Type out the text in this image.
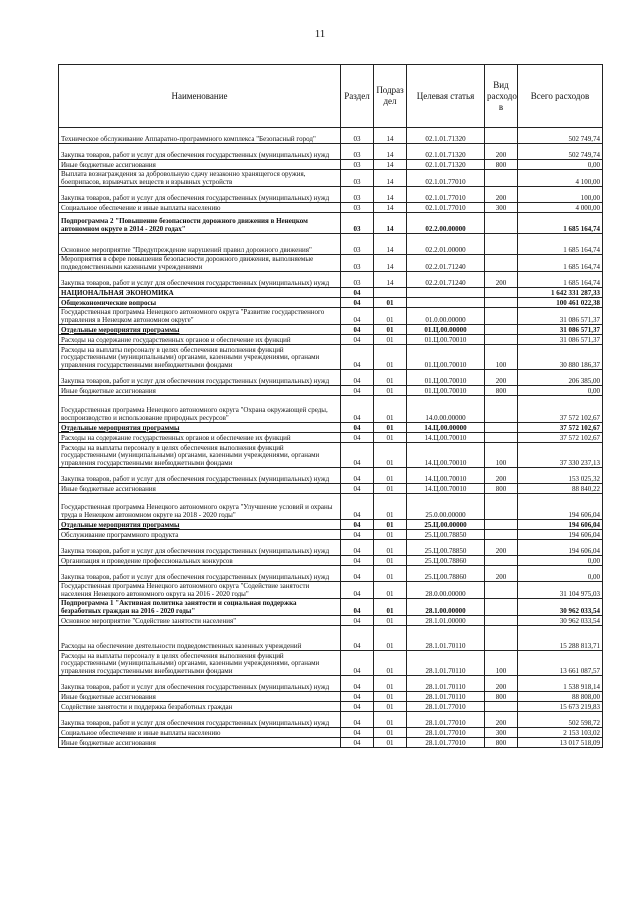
11
Наименование	Раздел	Подраз дел	Целевая статья	Вид расходо в	Всего расходов
Техническое обслуживание Аппаратно-программного комплекса "Безопасный город"	03	14	02.1.01.71320		502 749,74
Закупка товаров, работ и услуг для обеспечения государственных (муниципальных) нужд	03	14	02.1.01.71320	200	502 749,74
Иные бюджетные ассигнования	03	14	02.1.01.71320	800	0,00
Выплата вознаграждения за добровольную сдачу незаконно хранящегося оружия, боеприпасов, взрывчатых веществ и взрывных устройств	03	14	02.1.01.77010		4 100,00
Закупка товаров, работ и услуг для обеспечения государственных (муниципальных) нужд	03	14	02.1.01.77010	200	100,00
Социальное обеспечение и иные выплаты населению	03	14	02.1.01.77010	300	4 000,00
Подпрограмма 2 "Повышение безопасности дорожного движения в Ненецком автономном округе в 2014 - 2020 годах"	03	14	02.2.00.00000		1 685 164,74
Основное мероприятие "Предупреждение нарушений правил дорожного движения"	03	14	02.2.01.00000		1 685 164,74
Мероприятия в сфере повышения безопасности дорожного движения, выполняемые подведомственными казенными учреждениями	03	14	02.2.01.71240		1 685 164,74
Закупка товаров, работ и услуг для обеспечения государственных (муниципальных) нужд	03	14	02.2.01.71240	200	1 685 164,74
НАЦИОНАЛЬНАЯ ЭКОНОМИКА	04				1 642 331 287,33
Общеэкономические вопросы	04	01			100 461 022,38
Государственная программа Ненецкого автономного округа "Развитие государственного управления в Ненецком автономном округе"	04	01	01.0.00.00000		31 086 571,37
Отдельные мероприятия программы	04	01	01.Ц.00.00000		31 086 571,37
Расходы на содержание государственных органов и обеспечение их функций	04	01	01.Ц.00.70010		31 086 571,37
Расходы на выплаты персоналу в целях обеспечения выполнения функций государственными (муниципальными) органами, казенными учреждениями, органами управления государственными внебюджетными фондами	04	01	01.Ц.00.70010	100	30 880 186,37
Закупка товаров, работ и услуг для обеспечения государственных (муниципальных) нужд	04	01	01.Ц.00.70010	200	206 385,00
Иные бюджетные ассигнования	04	01	01.Ц.00.70010	800	0,00
Государственная программа Ненецкого автономного округа "Охрана окружающей среды, воспроизводство и использование природных ресурсов"	04	01	14.0.00.00000		37 572 102,67
Отдельные мероприятия программы	04	01	14.Ц.00.00000		37 572 102,67
Расходы на содержание государственных органов и обеспечение их функций	04	01	14.Ц.00.70010		37 572 102,67
Расходы на выплаты персоналу в целях обеспечения выполнения функций государственными (муниципальными) органами, казенными учреждениями, органами управления государственными внебюджетными фондами	04	01	14.Ц.00.70010	100	37 330 237,13
Закупка товаров, работ и услуг для обеспечения государственных (муниципальных) нужд	04	01	14.Ц.00.70010	200	153 025,32
Иные бюджетные ассигнования	04	01	14.Ц.00.70010	800	88 840,22
Государственная программа Ненецкого автономного округа "Улучшение условий и охраны труда в Ненецком автономном округе на 2018 - 2020 годы"	04	01	25.0.00.00000		194 606,04
Отдельные мероприятия программы	04	01	25.Ц.00.00000		194 606,04
Обслуживание программного продукта	04	01	25.Ц.00.78850		194 606,04
Закупка товаров, работ и услуг для обеспечения государственных (муниципальных) нужд	04	01	25.Ц.00.78850	200	194 606,04
Организация и проведение профессиональных конкурсов	04	01	25.Ц.00.78860		0,00
Закупка товаров, работ и услуг для обеспечения государственных (муниципальных) нужд	04	01	25.Ц.00.78860	200	0,00
Государственная программа Ненецкого автономного округа "Содействие занятости населения Ненецкого автономного округа на 2016 - 2020 годы"	04	01	28.0.00.00000		31 104 975,03
Подпрограмма 1 "Активная политика занятости и социальная поддержка безработных граждан на 2016 - 2020 годы"	04	01	28.1.00.00000		30 962 033,54
Основное мероприятие "Содействие занятости населения"	04	01	28.1.01.00000		30 962 033,54
Расходы на обеспечение деятельности подведомственных казенных учреждений	04	01	28.1.01.70110		15 288 813,71
Расходы на выплаты персоналу в целях обеспечения выполнения функций государственными (муниципальными) органами, казенными учреждениями, органами управления государственными внебюджетными фондами	04	01	28.1.01.70110	100	13 661 087,57
Закупка товаров, работ и услуг для обеспечения государственных (муниципальных) нужд	04	01	28.1.01.70110	200	1 538 918,14
Иные бюджетные ассигнования	04	01	28.1.01.70110	800	88 808,00
Содействие занятости и поддержка безработных граждан	04	01	28.1.01.77010		15 673 219,83
Закупка товаров, работ и услуг для обеспечения государственных (муниципальных) нужд	04	01	28.1.01.77010	200	502 598,72
Социальное обеспечение и иные выплаты населению	04	01	28.1.01.77010	300	2 153 103,02
Иные бюджетные ассигнования	04	01	28.1.01.77010	800	13 017 518,09
